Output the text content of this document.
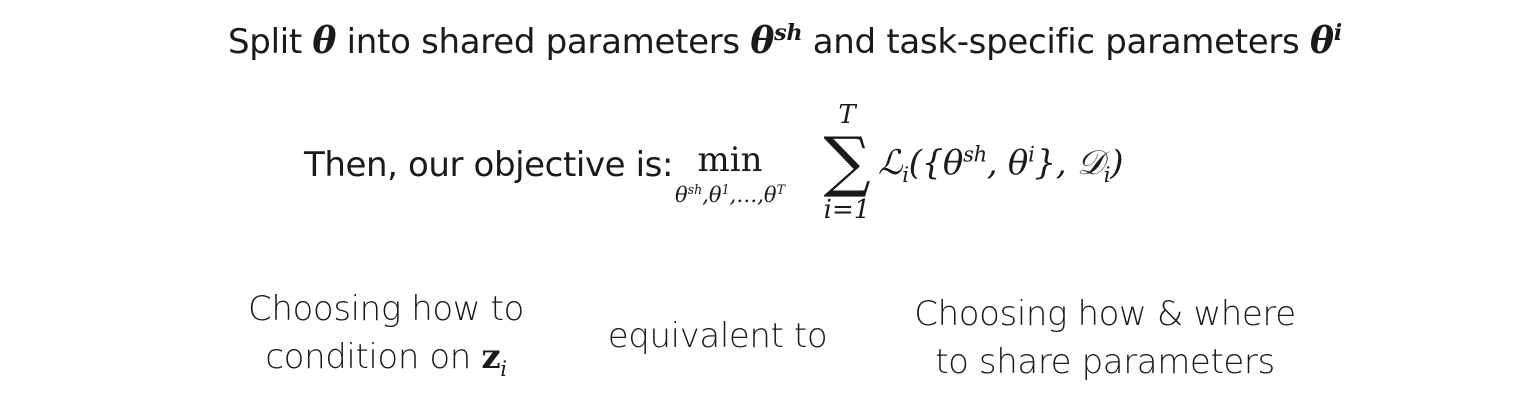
Split θ into shared parameters $\theta^{sh}$ and task-specific parameters $\theta^i$
Then, our objective is: min
$\theta^{sh},\theta^1,\dots,\theta^T$
T
∑
i=1
$ℒ_i(\{\theta^{sh}$, $\theta^i$}, 𝒟$_i$)
Choosing how to
condition on $z_i$
equivalent to
Choosing how & where
to share parameters
